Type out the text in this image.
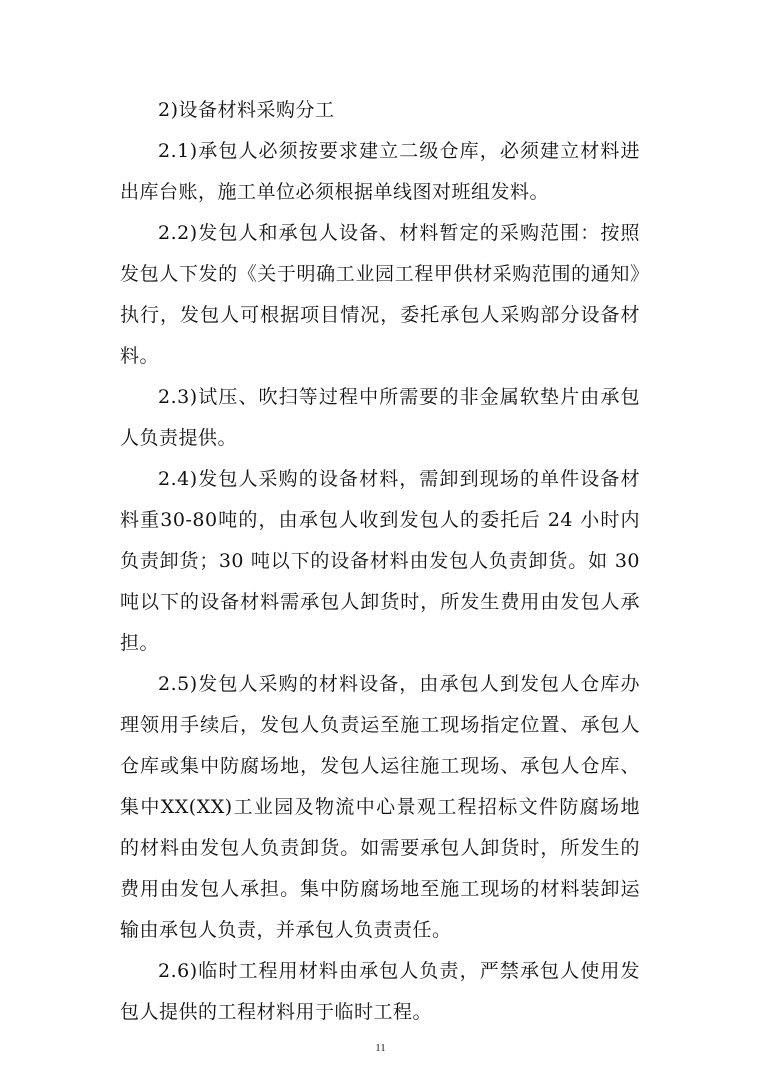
2)设备材料采购分工

2.1)承包人必须按要求建立二级仓库，必须建立材料进出库台账，施工单位必须根据单线图对班组发料。

2.2)发包人和承包人设备、材料暂定的采购范围：按照发包人下发的《关于明确工业园工程甲供材采购范围的通知》执行，发包人可根据项目情况，委托承包人采购部分设备材料。

2.3)试压、吹扫等过程中所需要的非金属软垫片由承包人负责提供。

2.4)发包人采购的设备材料，需卸到现场的单件设备材料重30-80吨的，由承包人收到发包人的委托后 24 小时内负责卸货；30 吨以下的设备材料由发包人负责卸货。如 30 吨以下的设备材料需承包人卸货时，所发生费用由发包人承担。

2.5)发包人采购的材料设备，由承包人到发包人仓库办理领用手续后，发包人负责运至施工现场指定位置、承包人仓库或集中防腐场地，发包人运往施工现场、承包人仓库、集中XX(XX)工业园及物流中心景观工程招标文件防腐场地的材料由发包人负责卸货。如需要承包人卸货时，所发生的费用由发包人承担。集中防腐场地至施工现场的材料装卸运输由承包人负责，并承包人负责责任。

2.6)临时工程用材料由承包人负责，严禁承包人使用发包人提供的工程材料用于临时工程。

11
